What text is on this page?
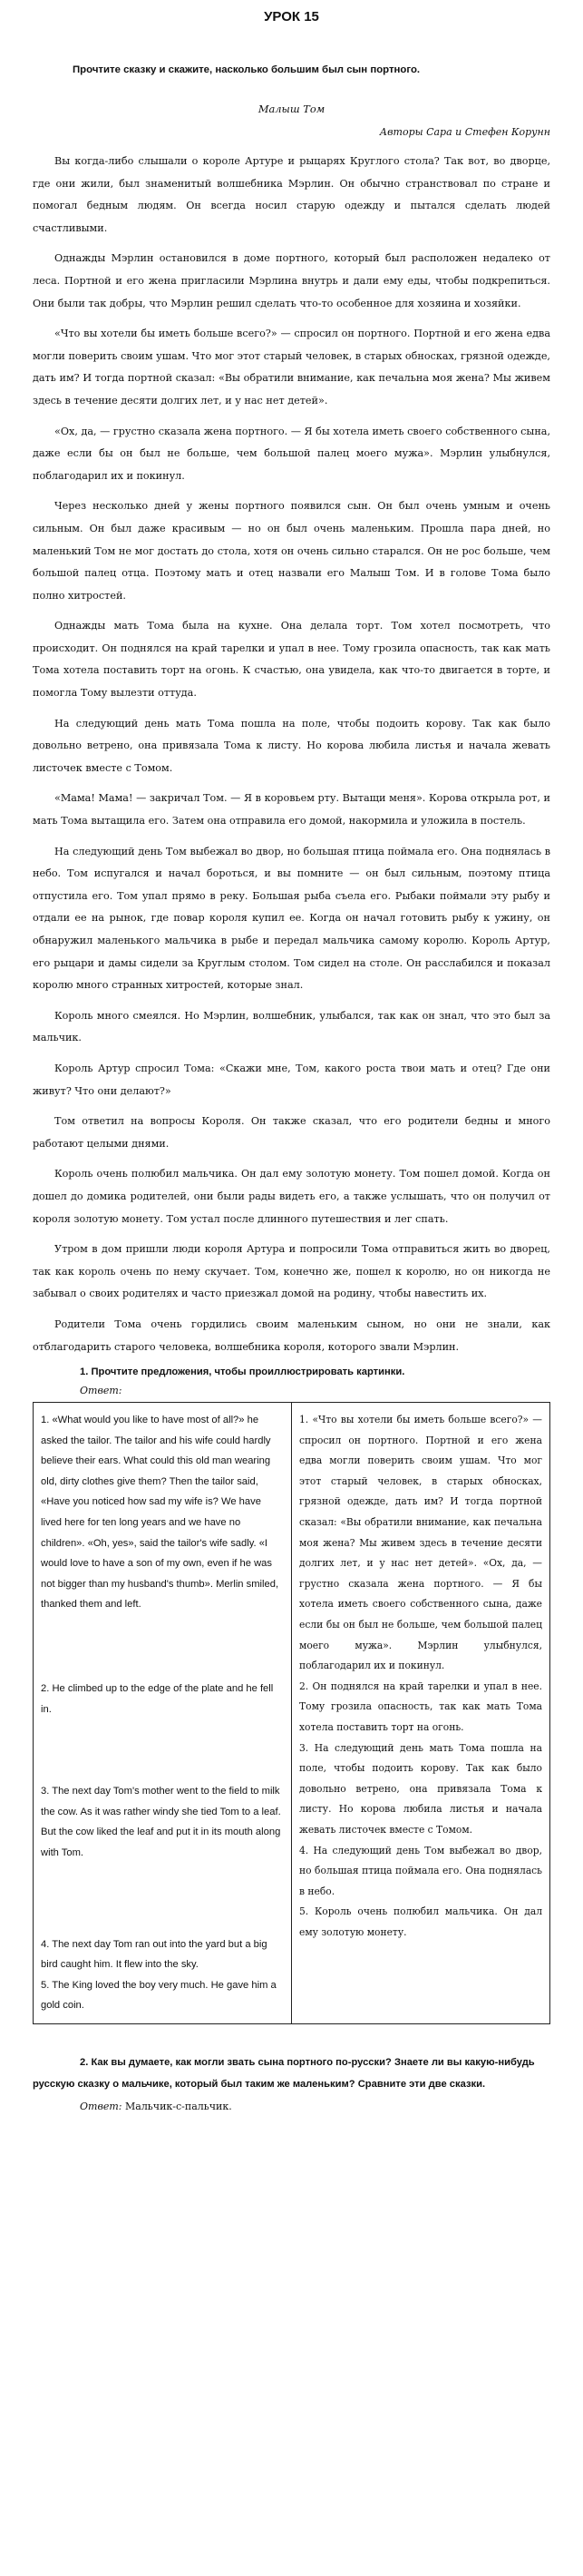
УРОК 15
Прочтите сказку и скажите, насколько большим был сын портного.
Малыш Том
Авторы Сара и Стефен Корунн

Вы когда-либо слышали о короле Артуре и рыцарях Круглого стола? Так вот, во дворце, где они жили, был знаменитый волшебника Мэрлин. Он обычно странствовал по стране и помогал бедным людям. Он всегда носил старую одежду и пытался сделать людей счастливыми.

Однажды Мэрлин остановился в доме портного, который был расположен недалеко от леса. Портной и его жена пригласили Мэрлина внутрь и дали ему еды, чтобы подкрепиться. Они были так добры, что Мэрлин решил сделать что-то особенное для хозяина и хозяйки.

«Что вы хотели бы иметь больше всего?» — спросил он портного. Портной и его жена едва могли поверить своим ушам. Что мог этот старый человек, в старых обносках, грязной одежде, дать им? И тогда портной сказал: «Вы обратили внимание, как печальна моя жена? Мы живем здесь в течение десяти долгих лет, и у нас нет детей».

«Ох, да, — грустно сказала жена портного. — Я бы хотела иметь своего собственного сына, даже если бы он был не больше, чем большой палец моего мужа». Мэрлин улыбнулся, поблагодарил их и покинул.

Через несколько дней у жены портного появился сын. Он был очень умным и очень сильным. Он был даже красивым — но он был очень маленьким. Прошла пара дней, но маленький Том не мог достать до стола, хотя он очень сильно старался. Он не рос больше, чем большой палец отца. Поэтому мать и отец назвали его Малыш Том. И в голове Тома было полно хитростей.

Однажды мать Тома была на кухне. Она делала торт. Том хотел посмотреть, что происходит. Он поднялся на край тарелки и упал в нее. Тому грозила опасность, так как мать Тома хотела поставить торт на огонь. К счастью, она увидела, как что-то двигается в торте, и помогла Тому вылезти оттуда.

На следующий день мать Тома пошла на поле, чтобы подоить корову. Так как было довольно ветрено, она привязала Тома к листу. Но корова любила листья и начала жевать листочек вместе с Томом.

«Мама! Мама! — закричал Том. — Я в коровьем рту. Вытащи меня». Корова открыла рот, и мать Тома вытащила его. Затем она отправила его домой, накормила и уложила в постель.

На следующий день Том выбежал во двор, но большая птица поймала его. Она поднялась в небо. Том испугался и начал бороться, и вы помните — он был сильным, поэтому птица отпустила его. Том упал прямо в реку. Большая рыба съела его. Рыбаки поймали эту рыбу и отдали ее на рынок, где повар короля купил ее. Когда он начал готовить рыбу к ужину, он обнаружил маленького мальчика в рыбе и передал мальчика самому королю. Король Артур, его рыцари и дамы сидели за Круглым столом. Том сидел на столе. Он расслабился и показал королю много странных хитростей, которые знал.

Король много смеялся. Но Мэрлин, волшебник, улыбался, так как он знал, что это был за мальчик.

Король Артур спросил Тома: «Скажи мне, Том, какого роста твои мать и отец? Где они живут? Что они делают?»

Том ответил на вопросы Короля. Он также сказал, что его родители бедны и много работают целыми днями.

Король очень полюбил мальчика. Он дал ему золотую монету. Том пошел домой. Когда он дошел до домика родителей, они были рады видеть его, а также услышать, что он получил от короля золотую монету. Том устал после длинного путешествия и лег спать.

Утром в дом пришли люди короля Артура и попросили Тома отправиться жить во дворец, так как король очень по нему скучает. Том, конечно же, пошел к королю, но он никогда не забывал о своих родителях и часто приезжал домой на родину, чтобы навестить их.

Родители Тома очень гордились своим маленьким сыном, но они не знали, как отблагодарить старого человека, волшебника короля, которого звали Мэрлин.

1. Прочтите предложения, чтобы проиллюстрировать картинки.
Ответ:
1. «What would you like to have most of all?» he asked the tailor. The tailor and his wife could hardly believe their ears. What could this old man wearing old, dirty clothes give them? Then the tailor said, «Have you noticed how sad my wife is? We have lived here for ten long years and we have no children». «Oh, yes», said the tailor's wife sadly. «I would love to have a son of my own, even if he was not bigger than my husband's thumb». Merlin smiled, thanked them and left.
2. He climbed up to the edge of the plate and he fell in.
3. The next day Tom's mother went to the field to milk the cow. As it was rather windy she tied Tom to a leaf. But the cow liked the leaf and put it in its mouth along with Tom.
4. The next day Tom ran out into the yard but a big bird caught him. It flew into the sky.
5. The King loved the boy very much. He gave him a gold coin.

1. «Что вы хотели бы иметь больше всего?» — спросил он портного. Портной и его жена едва могли поверить своим ушам. Что мог этот старый человек, в старых обносках, грязной одежде, дать им? И тогда портной сказал: «Вы обратили внимание, как печальна моя жена? Мы живем здесь в течение десяти долгих лет, и у нас нет детей». «Ох, да, — грустно сказала жена портного. — Я бы хотела иметь своего собственного сына, даже если бы он был не больше, чем большой палец моего мужа». Мэрлин улыбнулся, поблагодарил их и покинул.
2. Он поднялся на край тарелки и упал в нее. Тому грозила опасность, так как мать Тома хотела поставить торт на огонь.
3. На следующий день мать Тома пошла на поле, чтобы подоить корову. Так как было довольно ветрено, она привязала Тома к листу. Но корова любила листья и начала жевать листочек вместе с Томом.
4. На следующий день Том выбежал во двор, но большая птица поймала его. Она поднялась в небо.
5. Король очень полюбил мальчика. Он дал ему золотую монету.
2. Как вы думаете, как могли звать сына портного по-русски? Знаете ли вы какую-нибудь русскую сказку о мальчике, который был таким же маленьким? Сравните эти две сказки.
Ответ: Мальчик-с-пальчик.
